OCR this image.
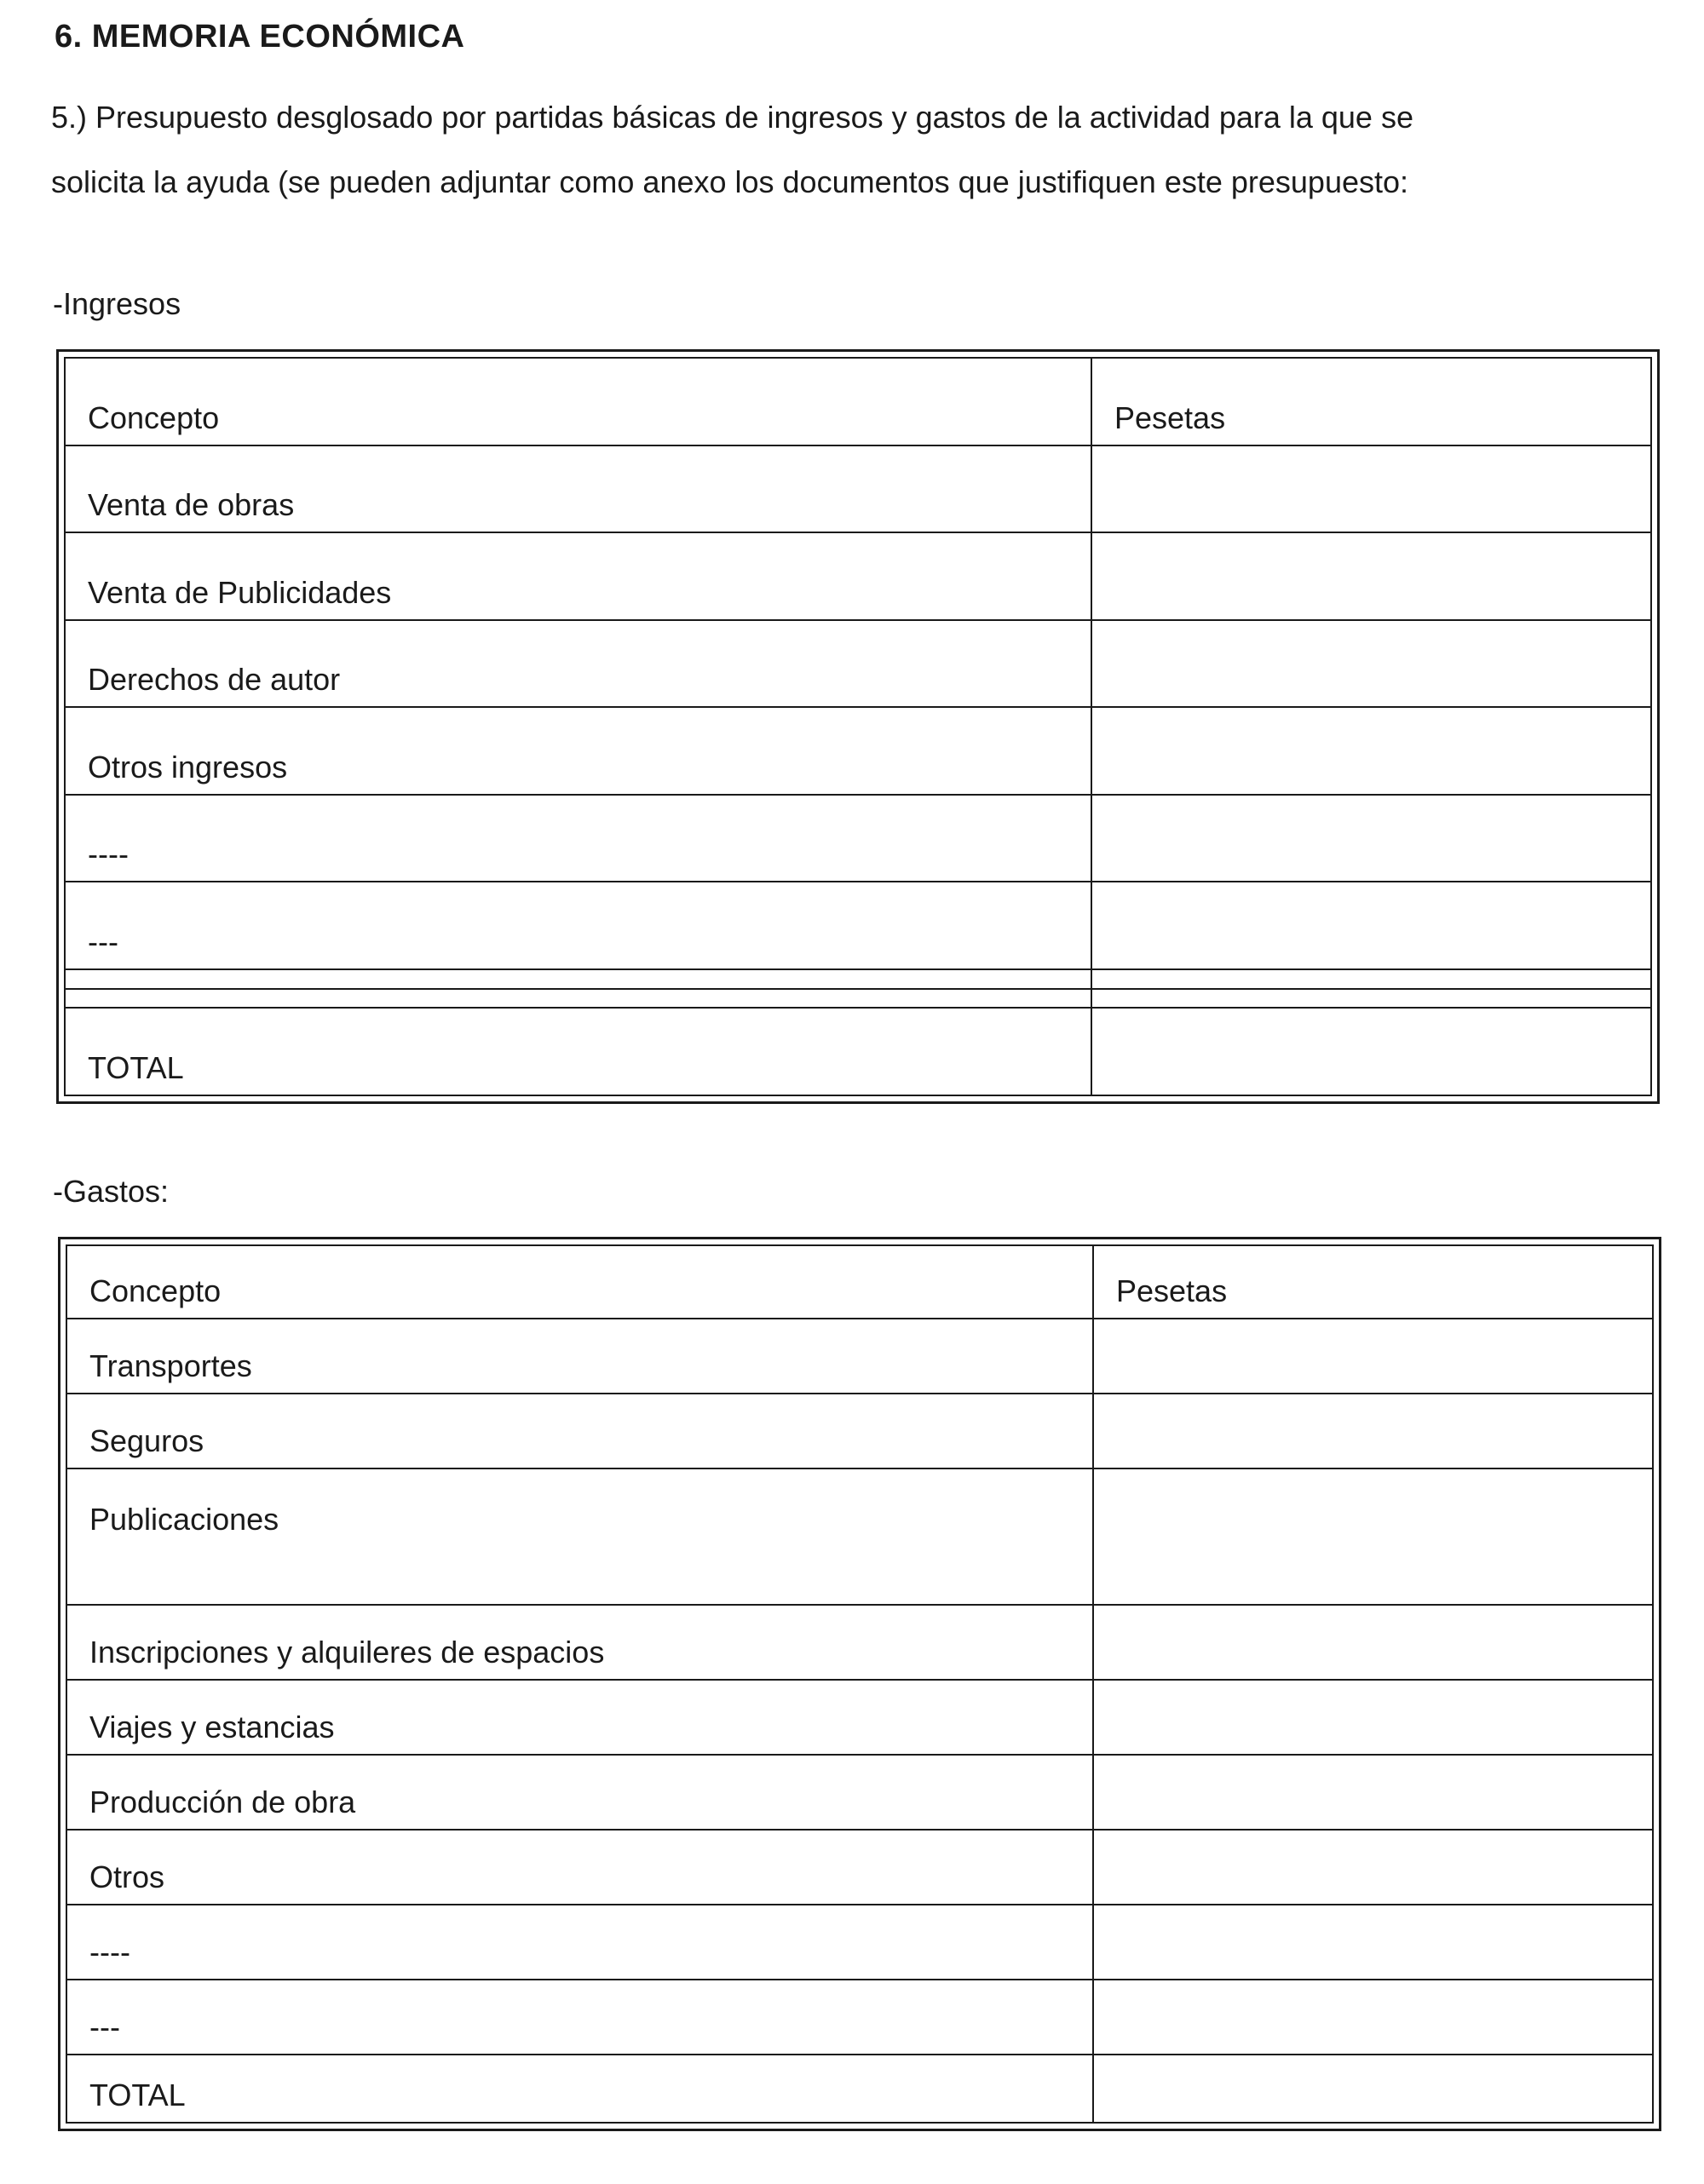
6. MEMORIA ECONÓMICA

5.) Presupuesto desglosado por partidas básicas de ingresos y gastos de la actividad para la que se

solicita la ayuda (se pueden adjuntar como anexo los documentos que justifiquen este presupuesto:

-Ingresos
Concepto	Pesetas
Venta de obras	
Venta de Publicidades	
Derechos de autor	
Otros ingresos	
----	
---	

TOTAL	
-Gastos:
Concepto	Pesetas
Transportes	
Seguros	
Publicaciones	
Inscripciones y alquileres de espacios	
Viajes y estancias	
Producción de obra	
Otros	
----	
---	
TOTAL	
